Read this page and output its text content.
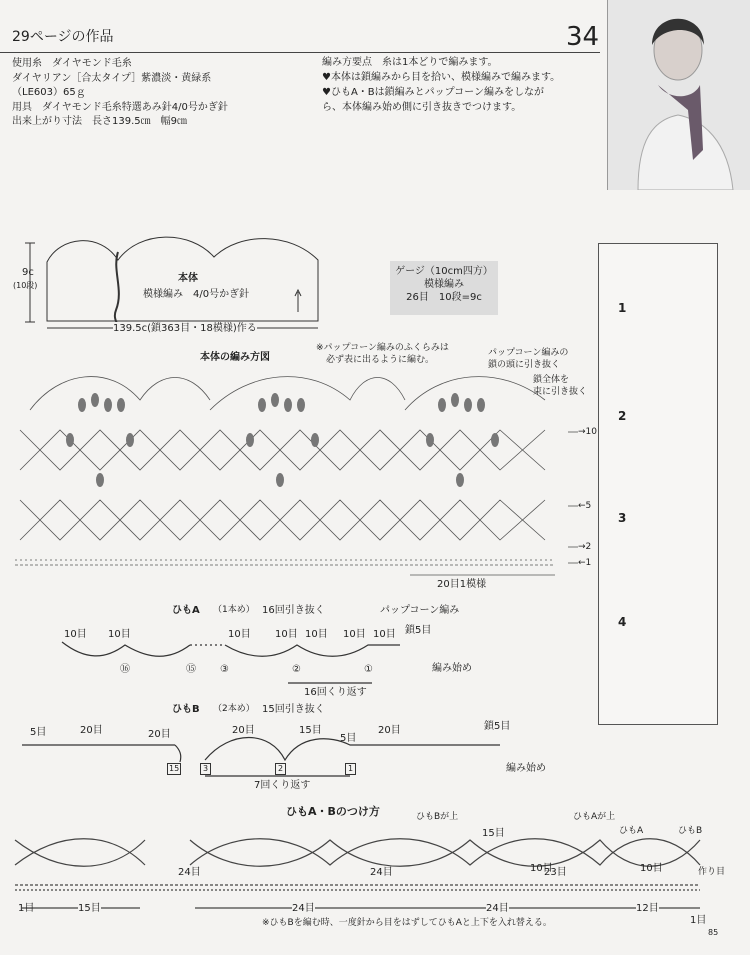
29ページの作品	34
使用糸　 ダイヤモンド毛糸
ダイヤリアン［合太タイプ］紫濃淡・黄緑系
（LE603）65ｇ
用具　 ダイヤモンド毛糸特選あみ針4/0号かぎ針
出来上がり寸法　 長さ139.5㎝　幅9㎝
編み方要点　 糸は1本どりで編みます。
♥本体は鎖編みから目を拾い、模様編みで編みます。
♥ひもA・Bは鎖編みとパップコーン編みをしなが
ら、本体編み始め側に引き抜きでつけます。
9c
(10段)
本体
模様編み　4/0号かぎ針
139.5c(鎖363目・18模様)作る
ゲージ（10cm四方）
模様編み
26目　10段=9c
本体の編み方図
※パップコーン編みのふくらみは
必ず表に出るように編む。
パップコーン編みの
鎖の頭に引き抜く
鎖全体を
束に引き抜く
→10
←5
→2
←1
20目1模様
ひもA （1本め） 16回引き抜く	パップコーン編み
鎖5目
10目 10目	10目 10目 10目 10目 10目
⑯	⑮ ③	②	①	編み始め
16回くり返す
ひもB （2本め） 15回引き抜く
鎖5目
5目	20目	20目	20目	15目
5目
20目
15	3	2	1	編み始め
7回くり返す
ひもA・Bのつけ方	ひもBが上	ひもAが上
ひもA	ひもB
15目
10目	10目	作り目
1目	15目
24目
24目
24目
24目
23目
12目
1目
※ひもBを編む時、一度針から目をはずしてひもAと上下を入れ替える。
1
2
3
4
85
